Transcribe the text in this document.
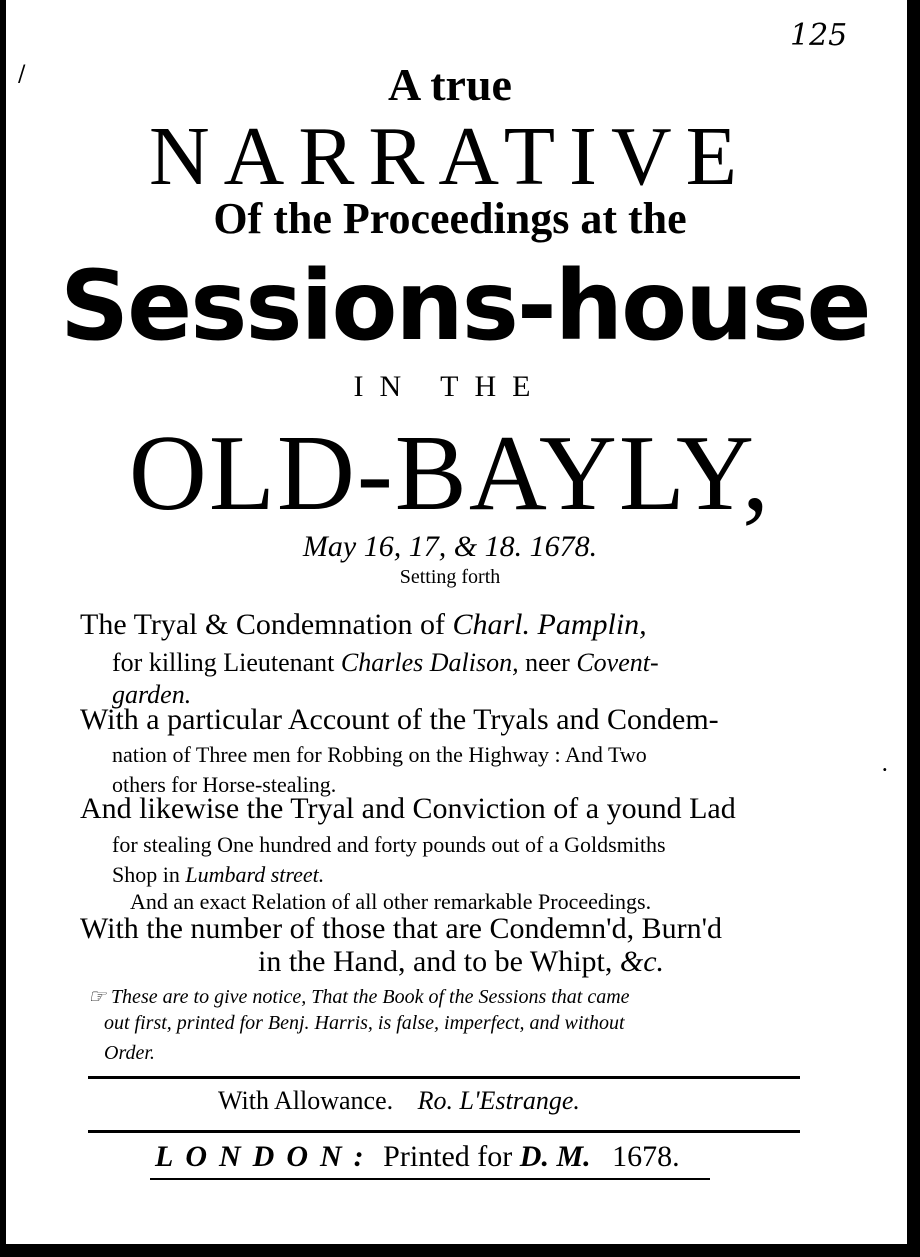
125
/
·
A true
NARRATIVE
Of the Proceedings at the
Sessions-house
IN THE
OLD-BAYLY,
May 16, 17, & 18. 1678.
Setting forth
The Tryal & Condemnation of Charl. Pamplin,
for killing Lieutenant Charles Dalison, neer Covent-
garden.
With a particular Account of the Tryals and Condem-
nation of Three men for Robbing on the Highway : And Two
others for Horse-stealing.
And likewise the Tryal and Conviction of a yound Lad
for stealing One hundred and forty pounds out of a Goldsmiths
Shop in Lumbard street.
And an exact Relation of all other remarkable Proceedings.
With the number of those that are Condemn'd, Burn'd
in the Hand, and to be Whipt, &c.
☞ These are to give notice, That the Book of the Sessions that came
out first, printed for Benj. Harris, is false, imperfect, and without
Order.
With Allowance. Ro. L'Estrange.
LONDON: Printed for D. M. 1678.
